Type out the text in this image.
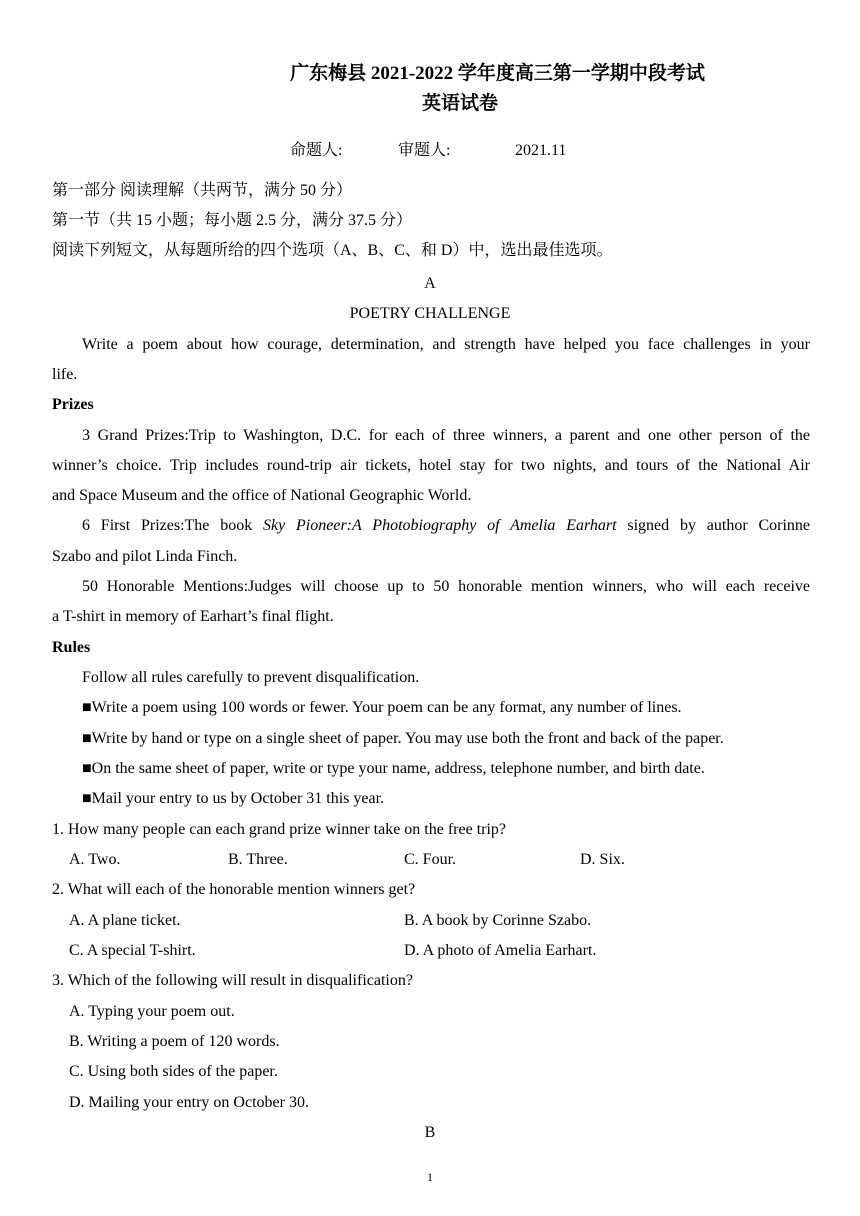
广东梅县 2021-2022 学年度高三第一学期中段考试
英语试卷
命题人:	审题人:	2021.11
第一部分 阅读理解（共两节，满分 50 分）
第一节（共 15 小题；每小题 2.5 分，满分 37.5 分）
阅读下列短文，从每题所给的四个选项（A、B、C、和 D）中，选出最佳选项。
A
POETRY CHALLENGE
Write a poem about how courage, determination, and strength have helped you face challenges in your
life.
Prizes
3 Grand Prizes:Trip to Washington, D.C. for each of three winners, a parent and one other person of the
winner’s choice. Trip includes round-trip air tickets, hotel stay for two nights, and tours of the National Air
and Space Museum and the office of National Geographic World.
6 First Prizes:The book Sky Pioneer:A Photobiography of Amelia Earhart signed by author Corinne
Szabo and pilot Linda Finch.
50 Honorable Mentions:Judges will choose up to 50 honorable mention winners, who will each receive
a T-shirt in memory of Earhart’s final flight.
Rules
Follow all rules carefully to prevent disqualification.
■Write a poem using 100 words or fewer. Your poem can be any format, any number of lines.
■Write by hand or type on a single sheet of paper. You may use both the front and back of the paper.
■On the same sheet of paper, write or type your name, address, telephone number, and birth date.
■Mail your entry to us by October 31 this year.
1. How many people can each grand prize winner take on the free trip?
A. Two.	B. Three.	C. Four.	D. Six.
2. What will each of the honorable mention winners get?
A. A plane ticket.	B. A book by Corinne Szabo.
C. A special T-shirt.	D. A photo of Amelia Earhart.
3. Which of the following will result in disqualification?
A. Typing your poem out.
B. Writing a poem of 120 words.
C. Using both sides of the paper.
D. Mailing your entry on October 30.
B
1
